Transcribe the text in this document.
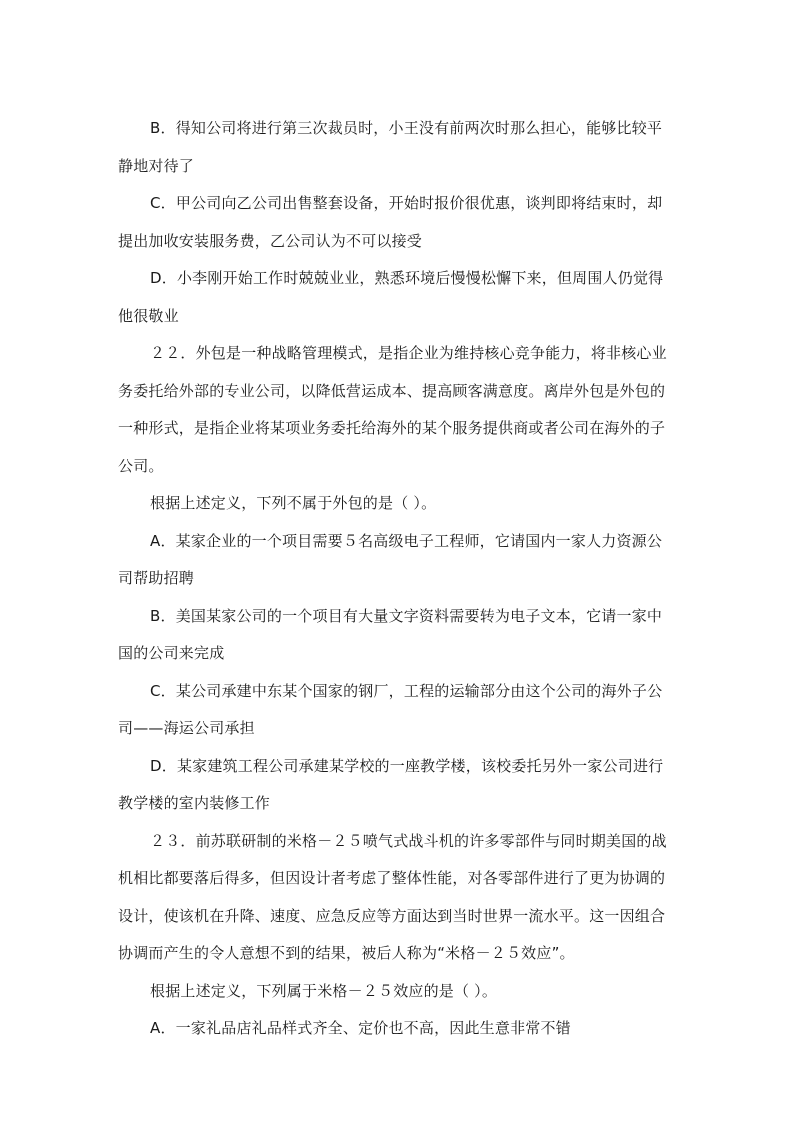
B．得知公司将进行第三次裁员时，小王没有前两次时那么担心，能够比较平静地对待了

C．甲公司向乙公司出售整套设备，开始时报价很优惠，谈判即将结束时，却提出加收安装服务费，乙公司认为不可以接受

D．小李刚开始工作时兢兢业业，熟悉环境后慢慢松懈下来，但周围人仍觉得他很敬业

２２．外包是一种战略管理模式，是指企业为维持核心竞争能力，将非核心业务委托给外部的专业公司，以降低营运成本、提高顾客满意度。离岸外包是外包的一种形式，是指企业将某项业务委托给海外的某个服务提供商或者公司在海外的子公司。

根据上述定义，下列不属于外包的是（ ）。

A．某家企业的一个项目需要５名高级电子工程师，它请国内一家人力资源公司帮助招聘

B．美国某家公司的一个项目有大量文字资料需要转为电子文本，它请一家中国的公司来完成

C．某公司承建中东某个国家的钢厂，工程的运输部分由这个公司的海外子公司——海运公司承担

D．某家建筑工程公司承建某学校的一座教学楼，该校委托另外一家公司进行教学楼的室内装修工作

２３．前苏联研制的米格－２５喷气式战斗机的许多零部件与同时期美国的战机相比都要落后得多，但因设计者考虑了整体性能，对各零部件进行了更为协调的设计，使该机在升降、速度、应急反应等方面达到当时世界一流水平。这一因组合协调而产生的令人意想不到的结果，被后人称为“米格－２５效应”。

根据上述定义，下列属于米格－２５效应的是（ ）。

A．一家礼品店礼品样式齐全、定价也不高，因此生意非常不错
